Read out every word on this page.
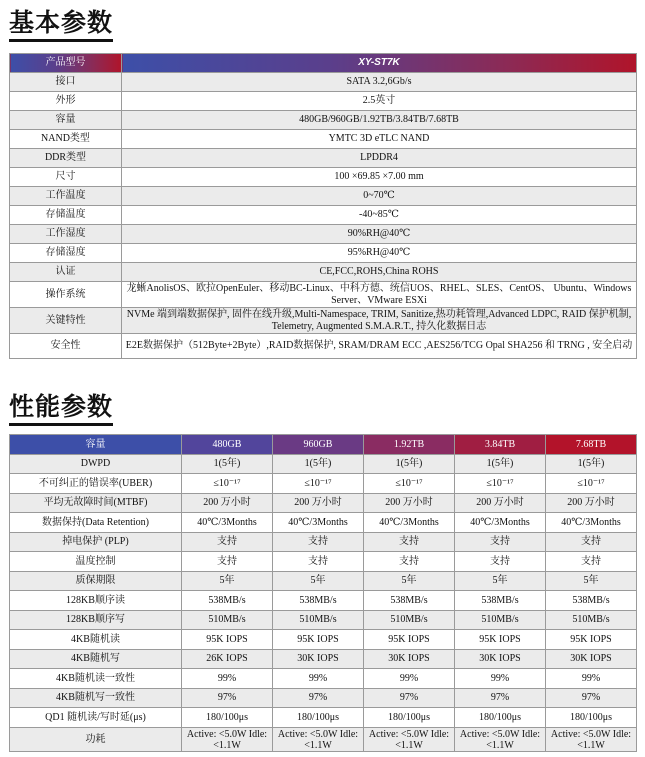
基本参数
产品型号	XY-ST7K
接口	SATA 3.2,6Gb/s
外形	2.5英寸
容量	480GB/960GB/1.92TB/3.84TB/7.68TB
NAND类型	YMTC 3D eTLC NAND
DDR类型	LPDDR4
尺寸	100 ×69.85 ×7.00 mm
工作温度	0~70℃
存储温度	-40~85℃
工作湿度	90%RH@40℃
存储湿度	95%RH@40℃
认证	CE,FCC,ROHS,China ROHS
操作系统	龙蜥AnolisOS、欧拉OpenEuler、移动BC-Linux、中科方德、统信UOS、RHEL、SLES、CentOS、 Ubuntu、Windows Server、VMware ESXi
关键特性	NVMe 端到端数据保护, 固件在线升级,Multi-Namespace, TRIM, Sanitize,热功耗管理,Advanced LDPC, RAID 保护机制, Telemetry, Augmented S.M.A.R.T., 持久化数据日志
安全性	E2E数据保护（512Byte+2Byte）,RAID数据保护, SRAM/DRAM ECC ,AES256/TCG Opal SHA256 和 TRNG , 安全启动
性能参数
容量	480GB	960GB	1.92TB	3.84TB	7.68TB
DWPD	1(5年)	1(5年)	1(5年)	1(5年)	1(5年)
不可纠正的错误率(UBER)	≤10⁻¹⁷	≤10⁻¹⁷	≤10⁻¹⁷	≤10⁻¹⁷	≤10⁻¹⁷
平均无故障时间(MTBF)	200 万小时	200 万小时	200 万小时	200 万小时	200 万小时
数据保持(Data Retention)	40℃/3Months	40℃/3Months	40℃/3Months	40℃/3Months	40℃/3Months
掉电保护 (PLP)	支持	支持	支持	支持	支持
温度控制	支持	支持	支持	支持	支持
质保期限	5年	5年	5年	5年	5年
128KB顺序读	538MB/s	538MB/s	538MB/s	538MB/s	538MB/s
128KB顺序写	510MB/s	510MB/s	510MB/s	510MB/s	510MB/s
4KB随机读	95K IOPS	95K IOPS	95K IOPS	95K IOPS	95K IOPS
4KB随机写	26K IOPS	30K IOPS	30K IOPS	30K IOPS	30K IOPS
4KB随机读一致性	99%	99%	99%	99%	99%
4KB随机写一致性	97%	97%	97%	97%	97%
QD1 随机读/写时延(μs)	180/100μs	180/100μs	180/100μs	180/100μs	180/100μs
功耗	Active: <5.0W Idle: <1.1W	Active: <5.0W Idle: <1.1W	Active: <5.0W Idle: <1.1W	Active: <5.0W Idle: <1.1W	Active: <5.0W Idle: <1.1W
